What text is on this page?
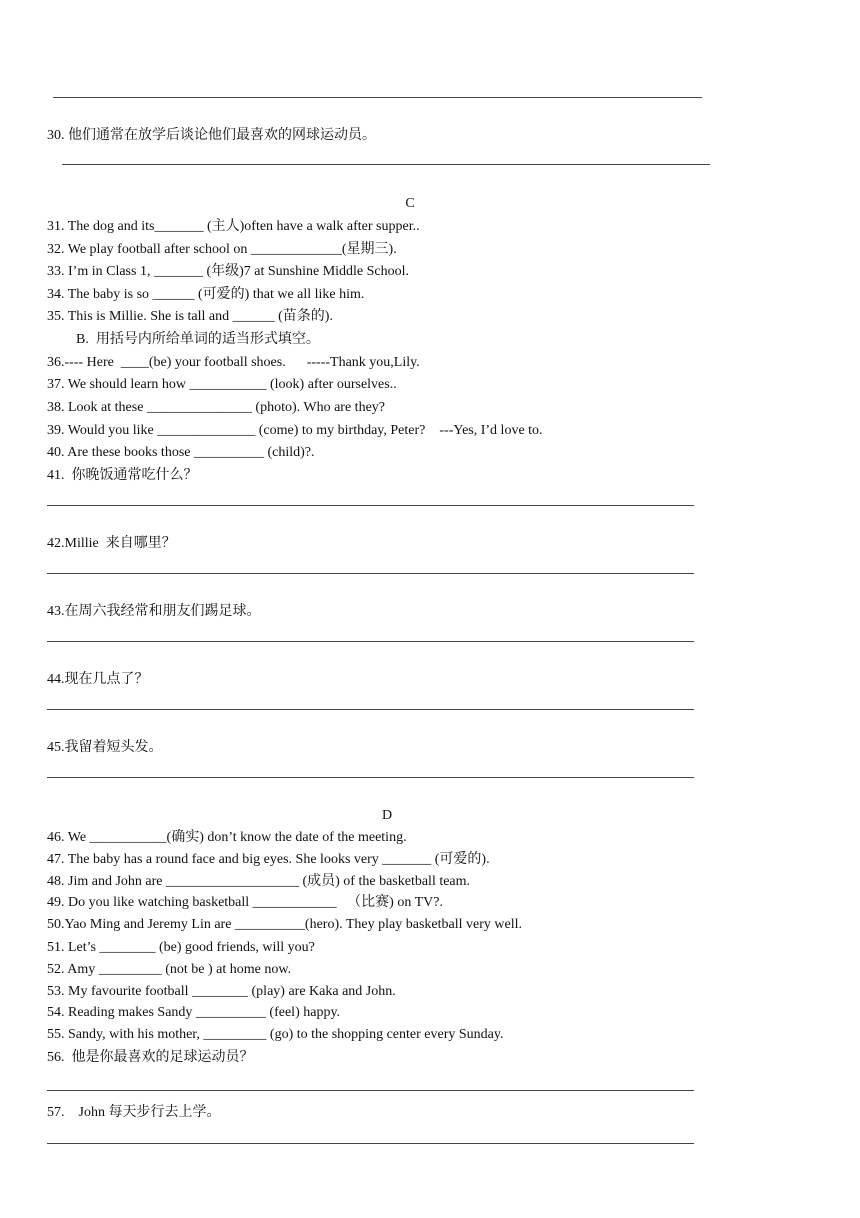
30. 他们通常在放学后谈论他们最喜欢的网球运动员。
C
31. The dog and its_______ (主人)often have a walk after supper..
32. We play football after school on _____________(星期三).
33. I’m in Class 1, _______ (年级)7 at Sunshine Middle School.
34. The baby is so ______ (可爱的) that we all like him.
35. This is Millie. She is tall and ______ (苗条的).
B.  用括号内所给单词的适当形式填空。
36.---- Here  ____(be) your football shoes.      -----Thank you,Lily.
37. We should learn how ___________ (look) after ourselves..
38. Look at these _______________ (photo). Who are they?
39. Would you like ______________ (come) to my birthday, Peter?    ---Yes, I’d love to.
40. Are these books those __________ (child)?.
41.  你晚饭通常吃什么？
42.Millie  来自哪里？
43.在周六我经常和朋友们踢足球。
44.现在几点了？
45.我留着短头发。
D
46. We ___________(确实) don’t know the date of the meeting.
47. The baby has a round face and big eyes. She looks very _______ (可爱的).
48. Jim and John are ___________________ (成员) of the basketball team.
49. Do you like watching basketball ____________   （比赛) on TV?.
50.Yao Ming and Jeremy Lin are __________(hero). They play basketball very well.
51. Let’s ________ (be) good friends, will you?
52. Amy _________ (not be ) at home now.
53. My favourite football ________ (play) are Kaka and John.
54. Reading makes Sandy __________ (feel) happy.
55. Sandy, with his mother, _________ (go) to the shopping center every Sunday.
56.  他是你最喜欢的足球运动员？
57.    John 每天步行去上学。
